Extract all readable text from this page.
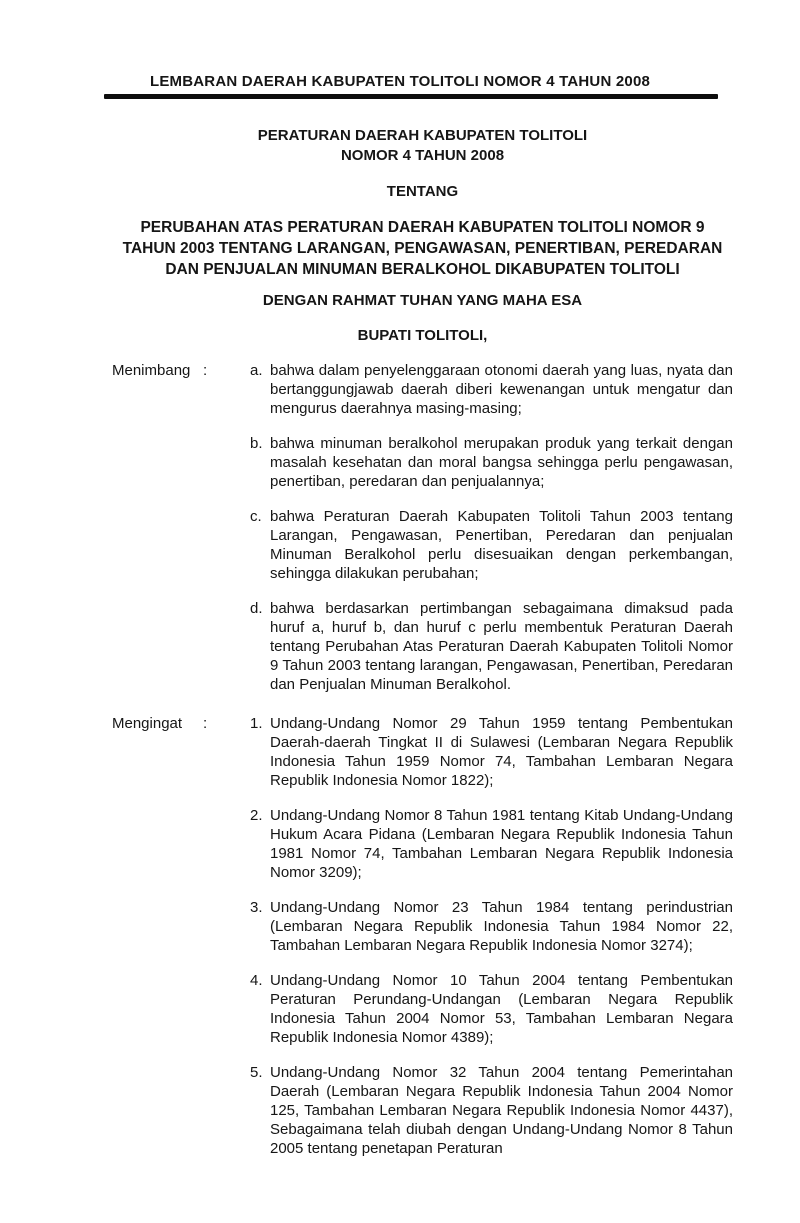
LEMBARAN DAERAH KABUPATEN TOLITOLI NOMOR 4 TAHUN 2008
PERATURAN DAERAH KABUPATEN TOLITOLI
NOMOR 4 TAHUN 2008
TENTANG
PERUBAHAN ATAS PERATURAN DAERAH KABUPATEN TOLITOLI NOMOR 9 TAHUN 2003 TENTANG LARANGAN, PENGAWASAN, PENERTIBAN, PEREDARAN DAN PENJUALAN MINUMAN BERALKOHOL DIKABUPATEN TOLITOLI
DENGAN RAHMAT TUHAN YANG MAHA ESA
BUPATI TOLITOLI,
Menimbang :	a. bahwa dalam penyelenggaraan otonomi daerah yang luas, nyata dan bertanggungjawab daerah diberi kewenangan untuk mengatur dan mengurus daerahnya masing-masing;
b. bahwa minuman beralkohol merupakan produk yang terkait dengan masalah kesehatan dan moral bangsa sehingga perlu pengawasan, penertiban, peredaran dan penjualannya;
c. bahwa Peraturan Daerah Kabupaten Tolitoli Tahun 2003 tentang Larangan, Pengawasan, Penertiban, Peredaran dan penjualan Minuman Beralkohol perlu disesuaikan dengan perkembangan, sehingga dilakukan perubahan;
d. bahwa berdasarkan pertimbangan sebagaimana dimaksud pada huruf a, huruf b, dan huruf c perlu membentuk Peraturan Daerah tentang Perubahan Atas Peraturan Daerah Kabupaten Tolitoli Nomor 9 Tahun 2003 tentang larangan, Pengawasan, Penertiban, Peredaran dan Penjualan Minuman Beralkohol.
Mengingat	:	1. Undang-Undang Nomor 29 Tahun 1959 tentang Pembentukan Daerah-daerah Tingkat II di Sulawesi (Lembaran Negara Republik Indonesia Tahun 1959 Nomor 74, Tambahan Lembaran Negara Republik Indonesia Nomor 1822);
2. Undang-Undang Nomor 8 Tahun 1981 tentang Kitab Undang-Undang Hukum Acara Pidana (Lembaran Negara Republik Indonesia Tahun 1981 Nomor 74, Tambahan Lembaran Negara Republik Indonesia Nomor 3209);
3. Undang-Undang Nomor 23 Tahun 1984 tentang perindustrian (Lembaran Negara Republik Indonesia Tahun 1984 Nomor 22, Tambahan Lembaran Negara Republik Indonesia Nomor 3274);
4. Undang-Undang Nomor 10 Tahun 2004 tentang Pembentukan Peraturan Perundang-Undangan (Lembaran Negara Republik Indonesia Tahun 2004 Nomor 53, Tambahan Lembaran Negara Republik Indonesia Nomor 4389);
5. Undang-Undang Nomor 32 Tahun 2004 tentang Pemerintahan Daerah (Lembaran Negara Republik Indonesia Tahun 2004 Nomor 125, Tambahan Lembaran Negara Republik Indonesia Nomor 4437), Sebagaimana telah diubah dengan Undang-Undang Nomor 8 Tahun 2005 tentang penetapan Peraturan
